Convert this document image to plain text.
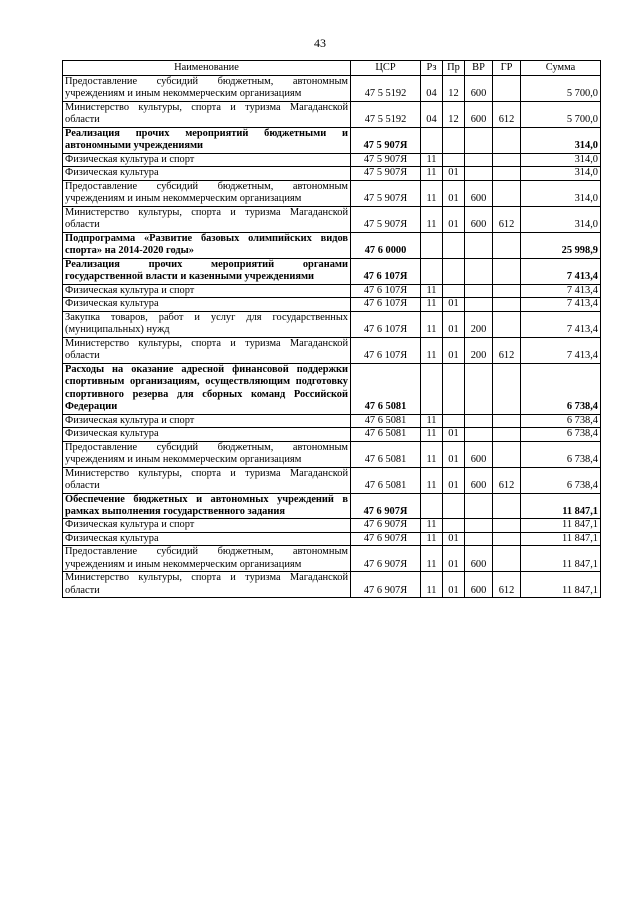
43
Наименование	ЦСР	Рз	Пр	ВР	ГР	Сумма
Предоставление субсидий бюджетным, автономным учреждениям и иным некоммерческим организациям	47 5 5192	04	12	600		5 700,0
Министерство культуры, спорта и туризма Магаданской области	47 5 5192	04	12	600	612	5 700,0
Реализация прочих мероприятий бюджетными и автономными учреждениями	47 5 907Я					314,0
Физическая культура и спорт	47 5 907Я	11				314,0
Физическая культура	47 5 907Я	11	01			314,0
Предоставление субсидий бюджетным, автономным учреждениям и иным некоммерческим организациям	47 5 907Я	11	01	600		314,0
Министерство культуры, спорта и туризма Магаданской области	47 5 907Я	11	01	600	612	314,0
Подпрограмма «Развитие базовых олимпийских видов спорта» на 2014-2020 годы»	47 6 0000					25 998,9
Реализация прочих мероприятий органами государственной власти и казенными учреждениями	47 6 107Я					7 413,4
Физическая культура и спорт	47 6 107Я	11				7 413,4
Физическая культура	47 6 107Я	11	01			7 413,4
Закупка товаров, работ и услуг для государственных (муниципальных) нужд	47 6 107Я	11	01	200		7 413,4
Министерство культуры, спорта и туризма Магаданской области	47 6 107Я	11	01	200	612	7 413,4
Расходы на оказание адресной финансовой поддержки спортивным организациям, осуществляющим подготовку спортивного резерва для сборных команд Российской Федерации	47 6 5081					6 738,4
Физическая культура и спорт	47 6 5081	11				6 738,4
Физическая культура	47 6 5081	11	01			6 738,4
Предоставление субсидий бюджетным, автономным учреждениям и иным некоммерческим организациям	47 6 5081	11	01	600		6 738,4
Министерство культуры, спорта и туризма Магаданской области	47 6 5081	11	01	600	612	6 738,4
Обеспечение бюджетных и автономных учреждений в рамках выполнения государственного задания	47 6 907Я					11 847,1
Физическая культура и спорт	47 6 907Я	11				11 847,1
Физическая культура	47 6 907Я	11	01			11 847,1
Предоставление субсидий бюджетным, автономным учреждениям и иным некоммерческим организациям	47 6 907Я	11	01	600		11 847,1
Министерство культуры, спорта и туризма Магаданской области	47 6 907Я	11	01	600	612	11 847,1
